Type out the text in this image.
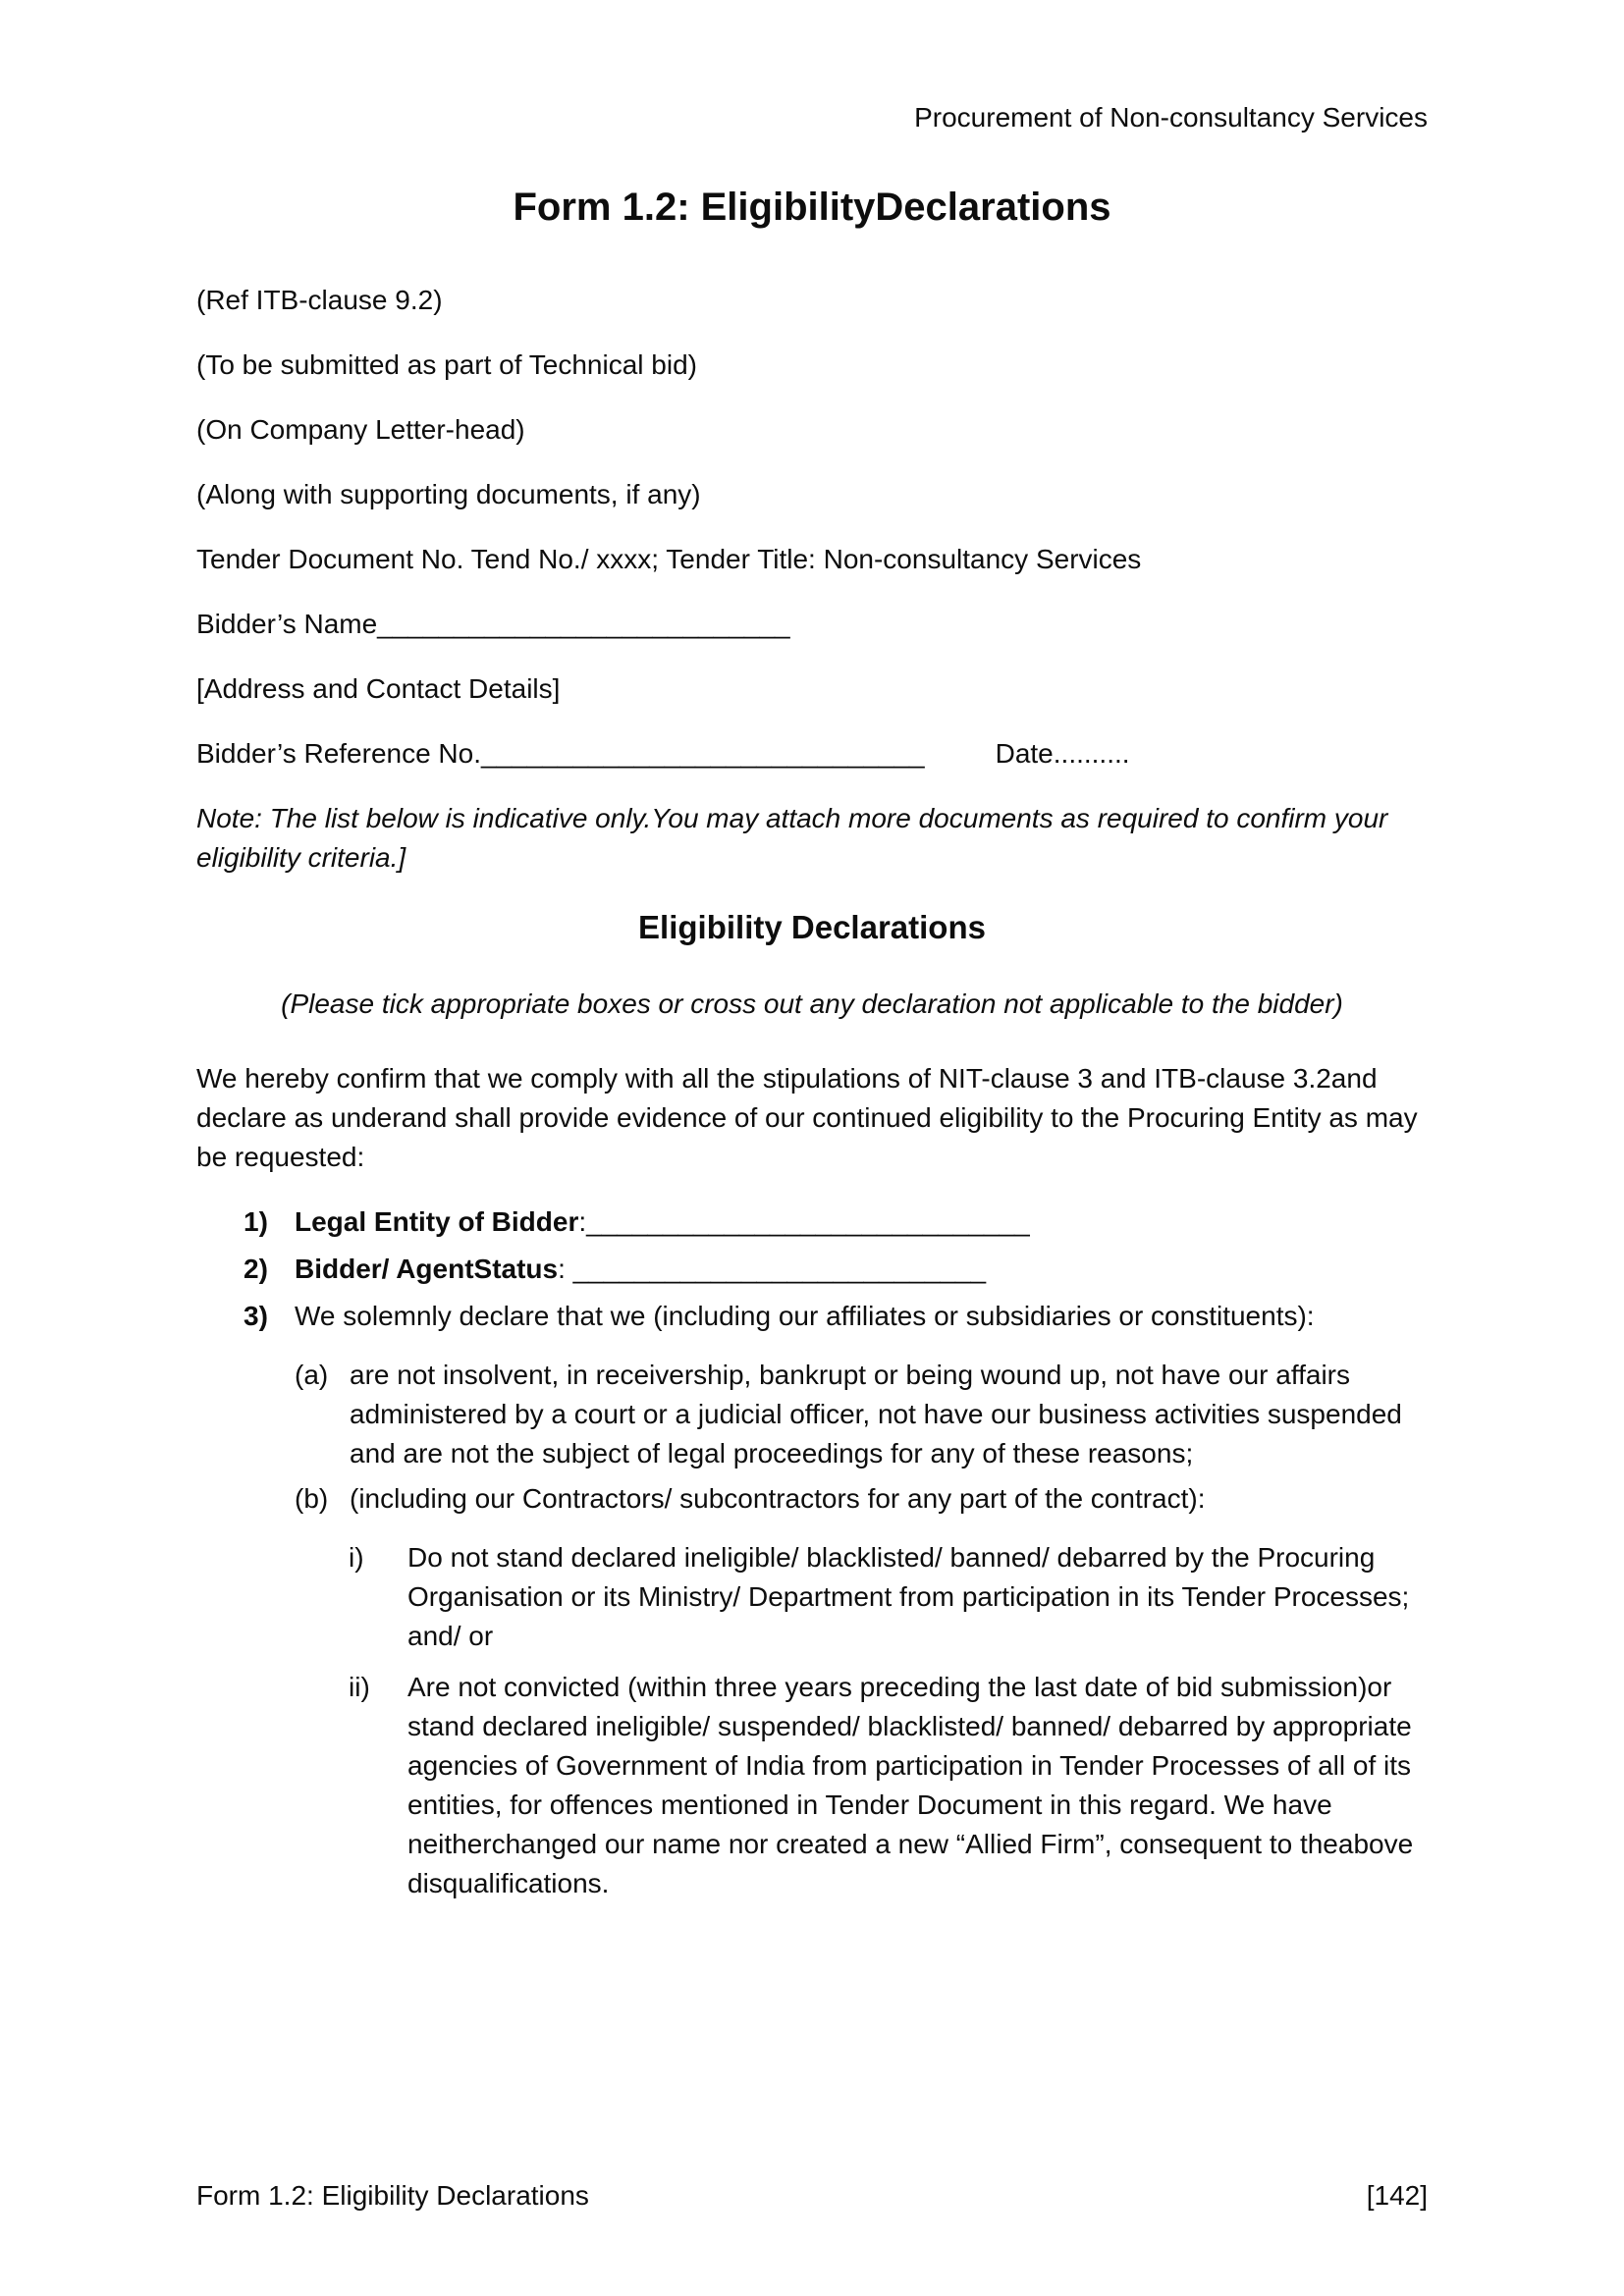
Procurement of Non-consultancy Services
Form 1.2: EligibilityDeclarations

(Ref ITB-clause 9.2)

(To be submitted as part of Technical bid)

(On Company Letter-head)

(Along with supporting documents, if any)

Tender Document No. Tend No./ xxxx; Tender Title: Non-consultancy Services

Bidder’s Name___________________________

[Address and Contact Details]

Bidder’s Reference No._____________________________	Date..........

Note: The list below is indicative only.You may attach more documents as required to confirm your eligibility criteria.]

Eligibility Declarations

(Please tick appropriate boxes or cross out any declaration not applicable to the bidder)

We hereby confirm that we comply with all the stipulations of NIT-clause 3 and ITB-clause 3.2and declare as underand shall provide evidence of our continued eligibility to the Procuring Entity as may be requested:

1) Legal Entity of Bidder:_____________________________
2) Bidder/ AgentStatus: ___________________________
3) We solemnly declare that we (including our affiliates or subsidiaries or constituents):
(a) are not insolvent, in receivership, bankrupt or being wound up, not have our affairs administered by a court or a judicial officer, not have our business activities suspended and are not the subject of legal proceedings for any of these reasons;
(b) (including our Contractors/ subcontractors for any part of the contract):
i)	Do not stand declared ineligible/ blacklisted/ banned/ debarred by the Procuring Organisation or its Ministry/ Department from participation in its Tender Processes; and/ or
ii)	Are not convicted (within three years preceding the last date of bid submission)or stand declared ineligible/ suspended/ blacklisted/ banned/ debarred by appropriate agencies of Government of India from participation in Tender Processes of all of its entities, for offences mentioned in Tender Document in this regard. We have neitherchanged our name nor created a new “Allied Firm”, consequent to theabove disqualifications.
Form 1.2: Eligibility Declarations	[142]
